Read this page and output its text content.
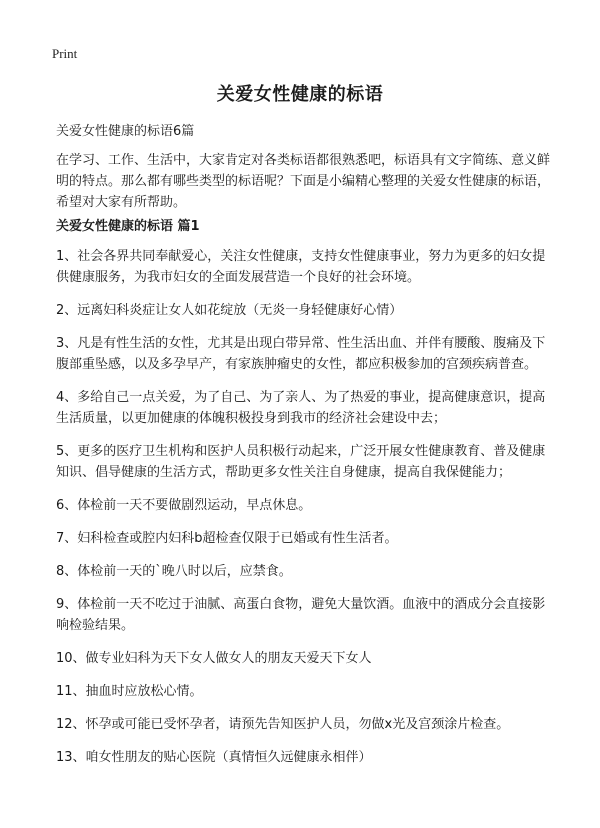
Print
关爱女性健康的标语
关爱女性健康的标语6篇
在学习、工作、生活中，大家肯定对各类标语都很熟悉吧，标语具有文字简练、意义鲜明的特点。那么都有哪些类型的标语呢？下面是小编精心整理的关爱女性健康的标语，希望对大家有所帮助。
关爱女性健康的标语 篇1
1、社会各界共同奉献爱心，关注女性健康，支持女性健康事业，努力为更多的妇女提供健康服务，为我市妇女的全面发展营造一个良好的社会环境。
2、远离妇科炎症让女人如花绽放（无炎一身轻健康好心情）
3、凡是有性生活的女性，尤其是出现白带异常、性生活出血、并伴有腰酸、腹痛及下腹部重坠感，以及多孕早产，有家族肿瘤史的女性，都应积极参加的宫颈疾病普查。
4、多给自己一点关爱，为了自己、为了亲人、为了热爱的事业，提高健康意识，提高生活质量，以更加健康的体魄积极投身到我市的经济社会建设中去；
5、更多的医疗卫生机构和医护人员积极行动起来，广泛开展女性健康教育、普及健康知识、倡导健康的生活方式，帮助更多女性关注自身健康，提高自我保健能力；
6、体检前一天不要做剧烈运动，早点休息。
7、妇科检查或腔内妇科b超检查仅限于已婚或有性生活者。
8、体检前一天的`晚八时以后，应禁食。
9、体检前一天不吃过于油腻、高蛋白食物，避免大量饮酒。血液中的酒成分会直接影响检验结果。
10、做专业妇科为天下女人做女人的朋友天爱天下女人
11、抽血时应放松心情。
12、怀孕或可能已受怀孕者，请预先告知医护人员，勿做x光及宫颈涂片检查。
13、咱女性朋友的贴心医院（真情恒久远健康永相伴）
